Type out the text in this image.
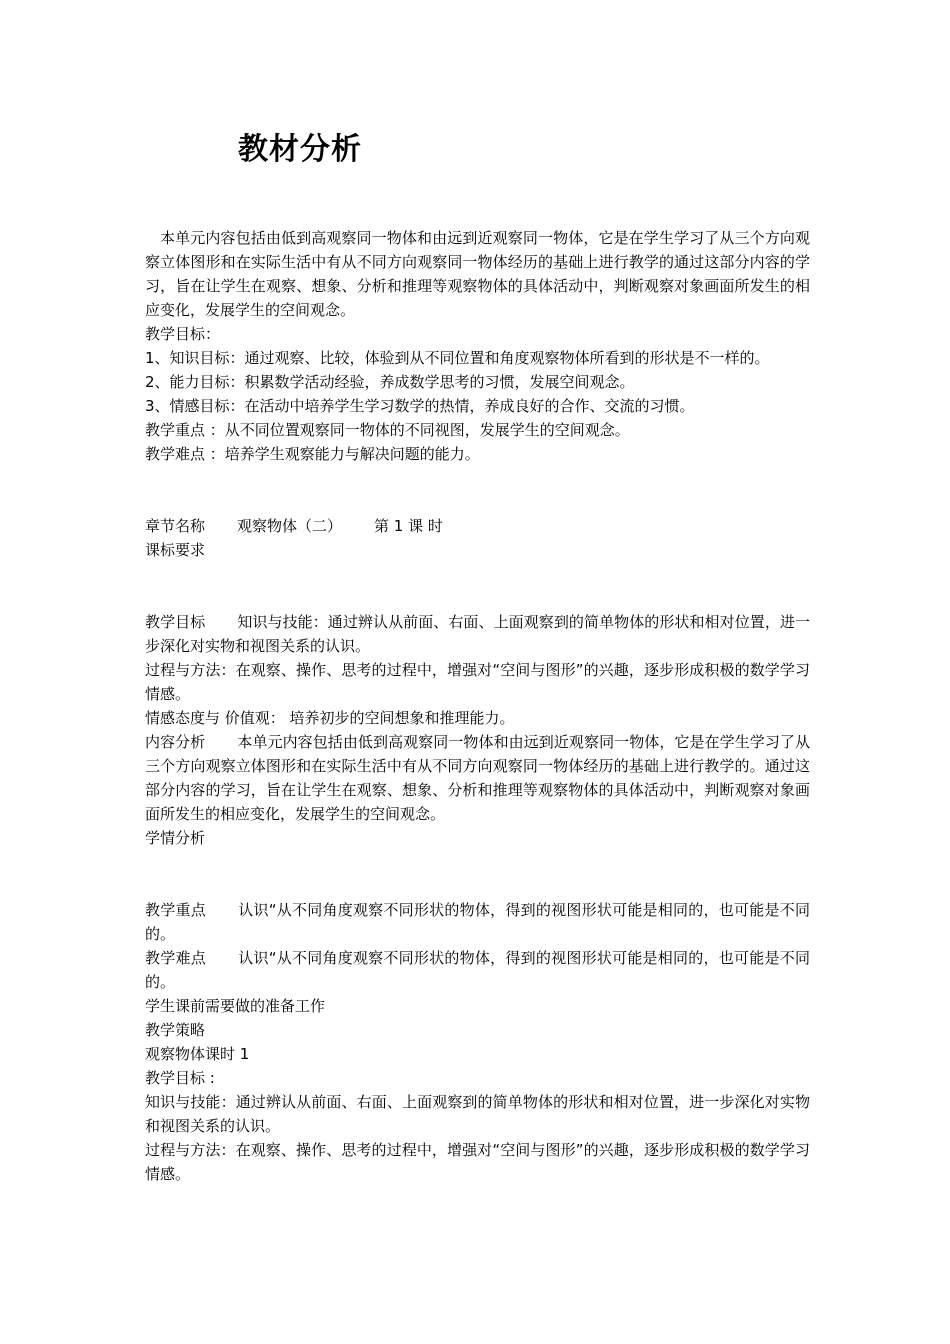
教材分析

本单元内容包括由低到高观察同一物体和由远到近观察同一物体，它是在学生学习了从三个方向观察立体图形和在实际生活中有从不同方向观察同一物体经历的基础上进行教学的通过这部分内容的学习，旨在让学生在观察、想象、分析和推理等观察物体的具体活动中，判断观察对象画面所发生的相应变化，发展学生的空间观念。

教学目标：

1、知识目标：通过观察、比较，体验到从不同位置和角度观察物体所看到的形状是不一样的。

2、能力目标：积累数学活动经验，养成数学思考的习惯，发展空间观念。

3、情感目标：在活动中培养学生学习数学的热情，养成良好的合作、交流的习惯。

教学重点 ：从不同位置观察同一物体的不同视图，发展学生的空间观念。

教学难点 ：培养学生观察能力与解决问题的能力。

章节名称 观察物体（二） 第 1 课 时

课标要求

教学目标 知识与技能：通过辨认从前面、右面、上面观察到的简单物体的形状和相对位置，进一步深化对实物和视图关系的认识。

过程与方法：在观察、操作、思考的过程中，增强对“空间与图形”的兴趣，逐步形成积极的数学学习情感。

情感态度与 价值观： 培养初步的空间想象和推理能力。

内容分析 本单元内容包括由低到高观察同一物体和由远到近观察同一物体，它是在学生学习了从三个方向观察立体图形和在实际生活中有从不同方向观察同一物体经历的基础上进行教学的。通过这部分内容的学习，旨在让学生在观察、想象、分析和推理等观察物体的具体活动中，判断观察对象画面所发生的相应变化，发展学生的空间观念。

学情分析

教学重点 认识“从不同角度观察不同形状的物体，得到的视图形状可能是相同的，也可能是不同的。

教学难点 认识“从不同角度观察不同形状的物体，得到的视图形状可能是相同的，也可能是不同的。

学生课前需要做的准备工作

教学策略

观察物体课时 1

教学目标 :

知识与技能：通过辨认从前面、右面、上面观察到的简单物体的形状和相对位置，进一步深化对实物和视图关系的认识。

过程与方法：在观察、操作、思考的过程中，增强对“空间与图形”的兴趣，逐步形成积极的数学学习情感。
